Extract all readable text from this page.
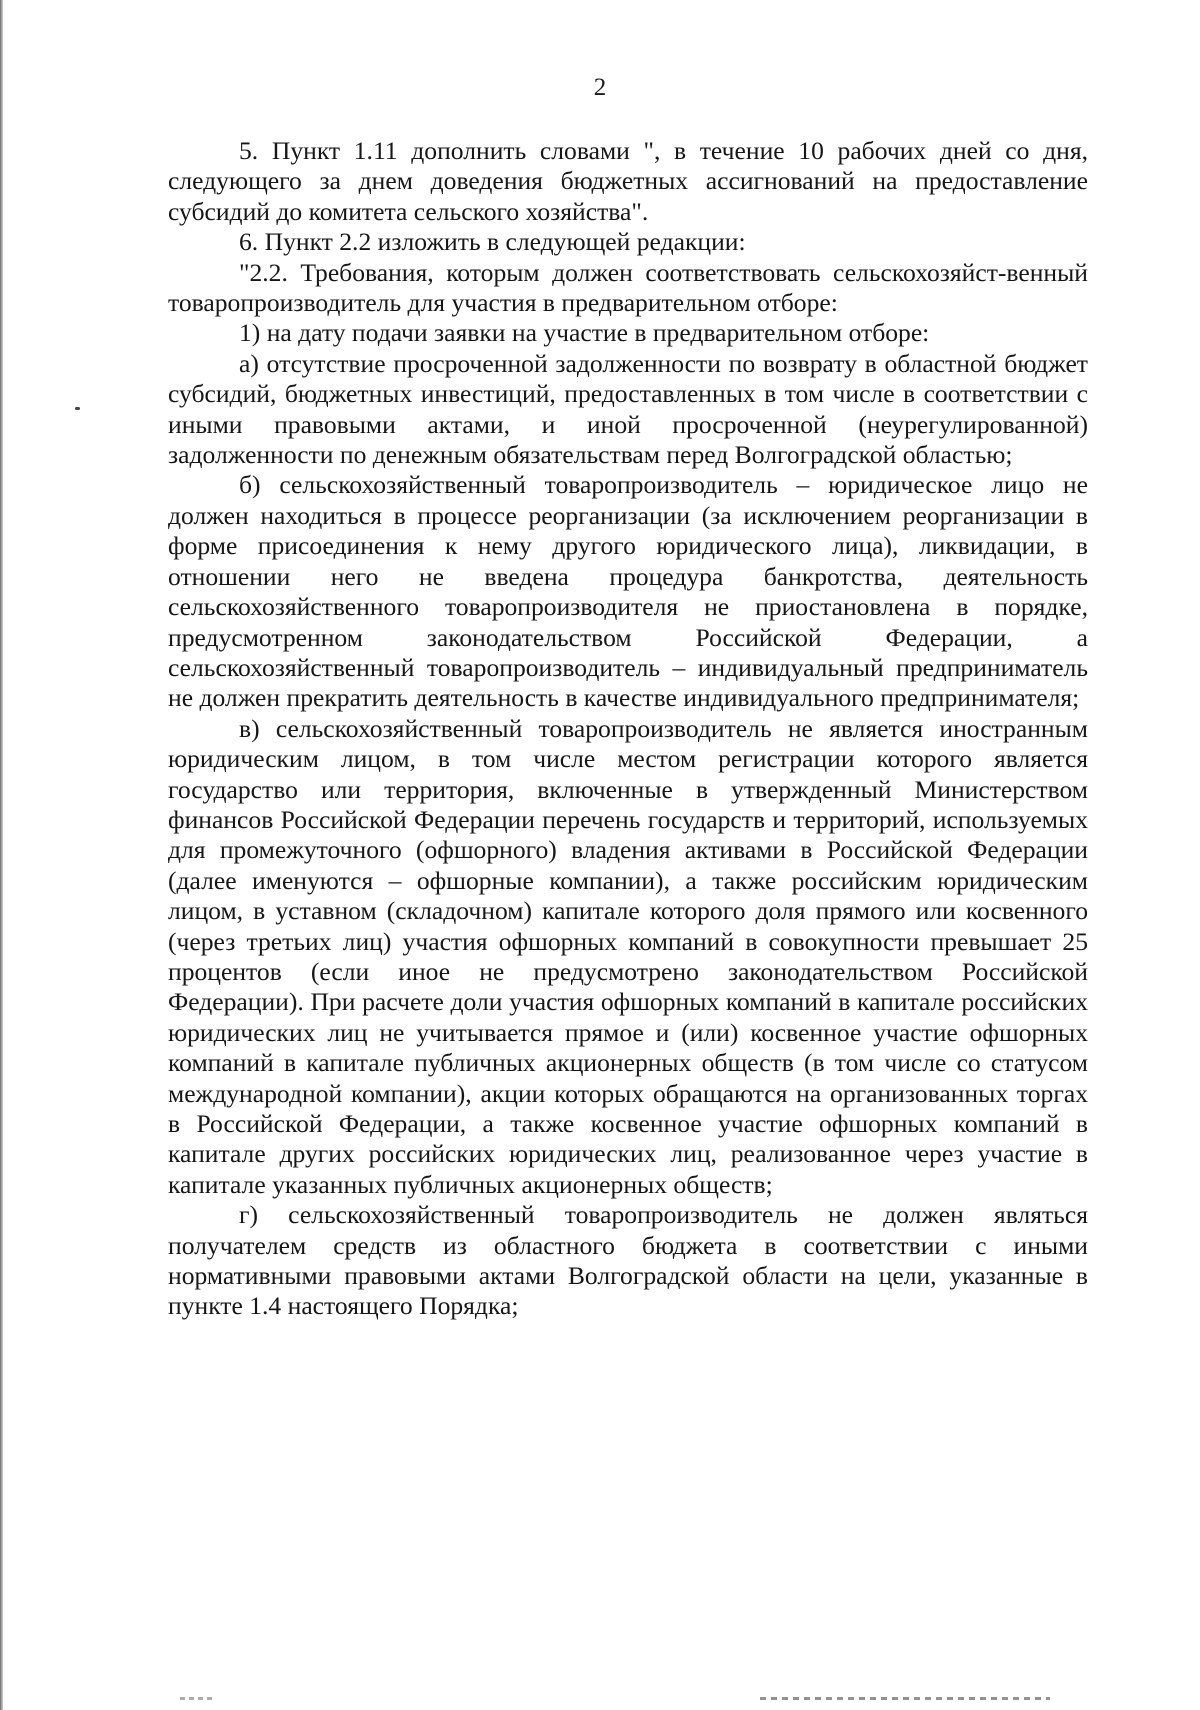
2

5. Пункт 1.11 дополнить словами ", в течение 10 рабочих дней со дня, следующего за днем доведения бюджетных ассигнований на предоставление субсидий до комитета сельского хозяйства".

6. Пункт 2.2 изложить в следующей редакции:

"2.2. Требования, которым должен соответствовать сельскохозяйст-венный товаропроизводитель для участия в предварительном отборе:

1) на дату подачи заявки на участие в предварительном отборе:

а) отсутствие просроченной задолженности по возврату в областной бюджет субсидий, бюджетных инвестиций, предоставленных в том числе в соответствии с иными правовыми актами, и иной просроченной (неурегулированной) задолженности по денежным обязательствам перед Волгоградской областью;

б) сельскохозяйственный товаропроизводитель – юридическое лицо не должен находиться в процессе реорганизации (за исключением реорганизации в форме присоединения к нему другого юридического лица), ликвидации, в отношении него не введена процедура банкротства, деятельность сельскохозяйственного товаропроизводителя не приостановлена в порядке, предусмотренном законодательством Российской Федерации, а сельскохозяйственный товаропроизводитель – индивидуальный предприниматель не должен прекратить деятельность в качестве индивидуального предпринимателя;

в) сельскохозяйственный товаропроизводитель не является иностранным юридическим лицом, в том числе местом регистрации которого является государство или территория, включенные в утвержденный Министерством финансов Российской Федерации перечень государств и территорий, используемых для промежуточного (офшорного) владения активами в Российской Федерации (далее именуются – офшорные компании), а также российским юридическим лицом, в уставном (складочном) капитале которого доля прямого или косвенного (через третьих лиц) участия офшорных компаний в совокупности превышает 25 процентов (если иное не предусмотрено законодательством Российской Федерации). При расчете доли участия офшорных компаний в капитале российских юридических лиц не учитывается прямое и (или) косвенное участие офшорных компаний в капитале публичных акционерных обществ (в том числе со статусом международной компании), акции которых обращаются на организованных торгах в Российской Федерации, а также косвенное участие офшорных компаний в капитале других российских юридических лиц, реализованное через участие в капитале указанных публичных акционерных обществ;

г) сельскохозяйственный товаропроизводитель не должен являться получателем средств из областного бюджета в соответствии с иными нормативными правовыми актами Волгоградской области на цели, указанные в пункте 1.4 настоящего Порядка;
